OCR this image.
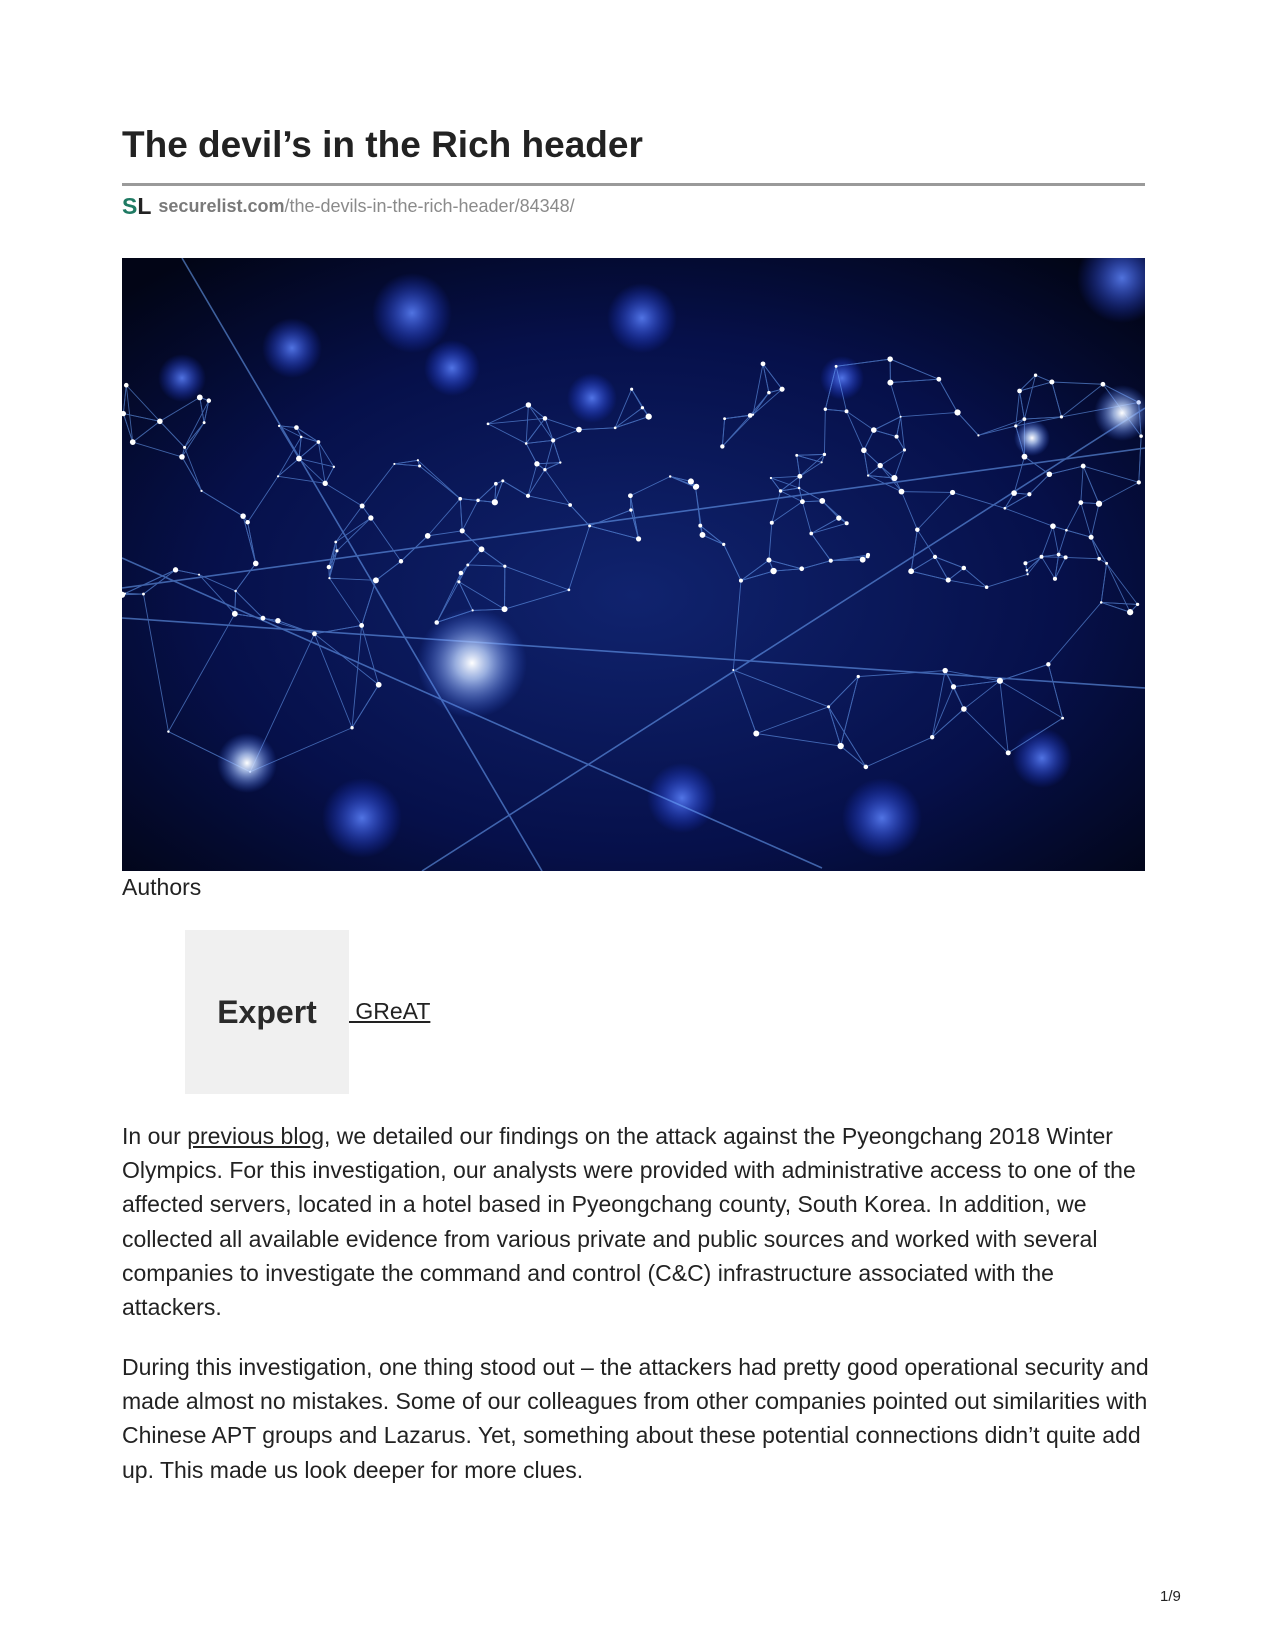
The devil’s in the Rich header
S L securelist.com /the-devils-in-the-rich-header/84348/
Authors
Expert GReAT

In our previous blog, we detailed our findings on the attack against the Pyeongchang 2018 Winter Olympics. For this investigation, our analysts were provided with administrative access to one of the affected servers, located in a hotel based in Pyeongchang county, South Korea. In addition, we collected all available evidence from various private and public sources and worked with several companies to investigate the command and control (C&C) infrastructure associated with the attackers.

During this investigation, one thing stood out – the attackers had pretty good operational security and made almost no mistakes. Some of our colleagues from other companies pointed out similarities with Chinese APT groups and Lazarus. Yet, something about these potential connections didn’t quite add up. This made us look deeper for more clues.

1/9
